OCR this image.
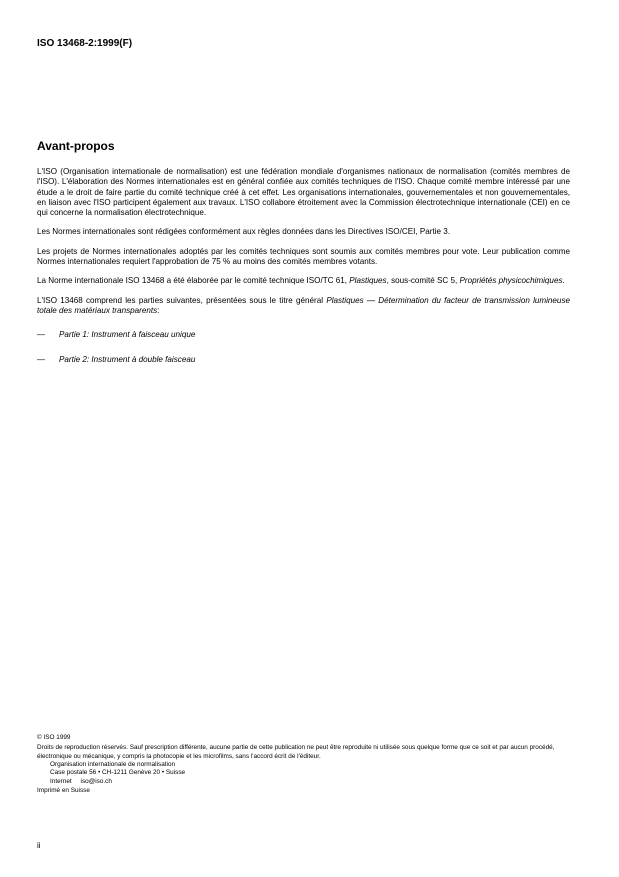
ISO 13468-2:1999(F)
Avant-propos

L'ISO (Organisation internationale de normalisation) est une fédération mondiale d'organismes nationaux de normalisation (comités membres de l'ISO). L'élaboration des Normes internationales est en général confiée aux comités techniques de l'ISO. Chaque comité membre intéressé par une étude a le droit de faire partie du comité technique créé à cet effet. Les organisations internationales, gouvernementales et non gouvernementales, en liaison avec l'ISO participent également aux travaux. L'ISO collabore étroitement avec la Commission électrotechnique internationale (CEI) en ce qui concerne la normalisation électrotechnique.

Les Normes internationales sont rédigées conformément aux règles données dans les Directives ISO/CEI, Partie 3.

Les projets de Normes internationales adoptés par les comités techniques sont soumis aux comités membres pour vote. Leur publication comme Normes internationales requiert l'approbation de 75 % au moins des comités membres votants.

La Norme internationale ISO 13468 a été élaborée par le comité technique ISO/TC 61, Plastiques, sous-comité SC 5, Propriétés physicochimiques.

L'ISO 13468 comprend les parties suivantes, présentées sous le titre général Plastiques — Détermination du facteur de transmission lumineuse totale des matériaux transparents:

—	Partie 1: Instrument à faisceau unique
—	Partie 2: Instrument à double faisceau
© ISO 1999
Droits de reproduction réservés. Sauf prescription différente, aucune partie de cette publication ne peut être reproduite ni utilisée sous quelque forme que ce soit et par aucun procédé, électronique ou mécanique, y compris la photocopie et les microfilms, sans l'accord écrit de l'éditeur.
Organisation internationale de normalisation
Case postale 56 • CH-1211 Genève 20 • Suisse
Internet     iso@iso.ch
Imprimé en Suisse
ii
